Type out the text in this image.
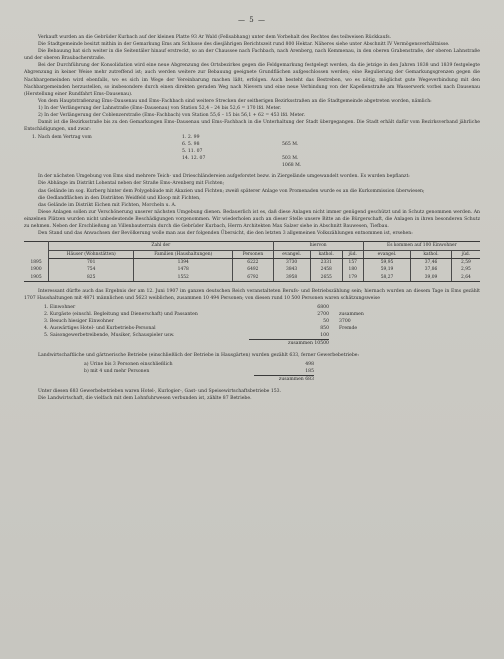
— 5 —

Verkauft wurden an die Gebrüder Kurbach auf der kleinen Platte 93 Ar Wald (Fellsabhang) unter dem Vorbehalt des Rechtes des teilweisen Rückkaufs.

Die Stadtgemeinde besitzt mithin in der Gemarkung Ems am Schlusse des diesjährigen Berichtszeit rund 800 Hektar. Näheres siehe unter Abschnitt IV Vermögensverhältnisse.

Die Bebauung hat sich weiter in die Seitentäler hinauf erstreckt, so an der Chaussee nach Fachbach, nach Arenberg, nach Kemmenau, in den oberen Grabenstraße, der oberen Lahnstraße und der oberen Braubacherstraße.

Bei der Durchführung der Konsolidation wird eine neue Abgrenzung des Ortsbezirkes gegen die Feldgemarkung festgelegt werden, da die jetzige in den Jahren 1838 und 1839 festgelegte Abgrenzung in keiner Weise mehr zutreffend ist; auch werden weitere zur Bebauung geeignete Grundflächen aufgeschlossen werden; eine Regulierung der Gemarkungsgrenzen gegen die Nachbargemeinden wird ebenfalls, wo es sich im Wege der Vereinbarung machen läßt, erfolgen. Auch besteht das Bestreben, wo es nötig, möglichst gute Wegeverbindung mit den Nachbargemeinden herzustellen, so insbesondere durch einen direkten geraden Weg nach Nievern und eine neue Verbindung von der Kapellenstraße am Wasserwerk vorbei nach Dausenau (Herstellung einer Rundfahrt Ems–Dausenau).

Von dem Hauptstraßenzug Ems–Dausenau und Ems–Fachbach sind weitere Strecken der seitherigen Bezirksstraßen an die Stadtgemeinde abgetreten worden, nämlich:

1) In der Verlängerung der Lahnstraße (Ems–Dausenau) von Station 52,4 – 24 bis 52,6 = 170 lfd. Meter.

2) In der Verlängerung der Coblenzerstraße (Ems–Fachbach) von Station 55,6 – 15 bis 56,1 + 62 = 453 lfd. Meter.

Damit ist die Bezirksstraße bis zu den Gemarkungen Ems–Dausenau und Ems–Fachbach in die Unterhaltung der Stadt übergegangen. Die Stadt erhält dafür vom Bezirksverband jährliche Entschädigungen, und zwar:

1. Nach dem Vertrag vom	1. 2. 99
6. 5. 98	565 M.
5. 11. 07
14. 12. 07	503 M.
1068 M.

In der nächsten Umgebung von Ems sind mehrere Teich- und Drieschländereien aufgeforstet bezw. in Ziergelände umgewandelt worden. Es wurden bepflanzt:

Die Abhänge im Distrikt Lohental neben der Straße Ems–Arenberg mit Fichten;

das Gelände im sog. Kurberg hinter dem Polygebäude mit Akazien und Fichten; zweiß späterer Anlage von Promenaden wurde es an die Kurkommission überwiesen;

die Oedlandflächen in den Distrikten Weidfeld und Kloop mit Fichten,

das Gelände im Distrikt Eichen mit Fichten, Morcheln u. A.

Diese Anlagen sollen zur Verschönerung unserer nächsten Umgebung dienen. Bedauerlich ist es, daß diese Anlagen nicht immer genügend geschützt und in Schutz genommen werden. An einzelnen Plätzen wurden nicht unbedeutende Beschädigungen vorgenommen. Wir wiederholen auch an dieser Stelle unsere Bitte an die Bürgerschaft, die Anlagen in ihren besonderen Schutz zu nehmen. Neben der Erschließung an Villenbauterrain durch die Gebrüder Kurbach, Herrn Architekten Max Salzer siehe in Abschnitt Bauwesen, Tiefbau.

Den Stand und das Anwachsen der Bevölkerung wolle man aus der folgenden Übersicht, die den letzten 3 allgemeinen Volkszählungen entnommen ist, ersehen:

	Zahl der			hiervon			Es kommen auf 100 Einwohner		
	Häuser (Wohnstätten)	Familien (Haushaltungen)	Personen	evangel.	kathol.	jüd.	evangel.	kathol.	jüd.
1895	701	1394	6222	3730	2331	157	59,95	37,46	2,59
1900	754	1478	6492	3843	2458	180	59,19	37,86	2,95
1905	825	1552	6792	3958	2655	179	58,27	39,09	2,64

Interessant dürfte auch das Ergebnis der am 12. Juni 1907 im ganzen deutschen Reich veranstalteten Berufs- und Betriebszählung sein; hiernach wurden an diesem Tage in Ems gezählt 1707 Haushaltungen mit 4871 männlichen und 5623 weiblichen, zusammen 10 494 Personen; von diesen rund 10 500 Personen waren schätzungsweise

1. Einwohner	6800
2. Kurgäste (einschl. Begleitung und Dienerschaft) und Passanten	2700	zusammen
3. Besuch hiesiger Einwohner	50	3700
4. Auswärtiges Hotel- und Kurbetriebs-Personal	850	Fremde
5. Saisongewerbetreibende, Musiker, Schauspieler usw.	100
zusammen 10500

Landwirtschaftliche und gärtnerische Betriebe (einschließlich der Betriebe in Hausgärten) wurden gezählt 633, ferner Gewerbebetriebe:

a) Urine bis 3 Personen einschließlich	498
b) mit 4 und mehr Personen	185
zusammen 683

Unter diesen 683 Gewerbebetrieben waren Hotel-, Kurlogier-, Gast- und Speisewirtschaftsbetriebe 153.

Die Landwirtschaft, die vielfach mit dem Lohnfuhrwesen verbunden ist, zählte 87 Betriebe.
